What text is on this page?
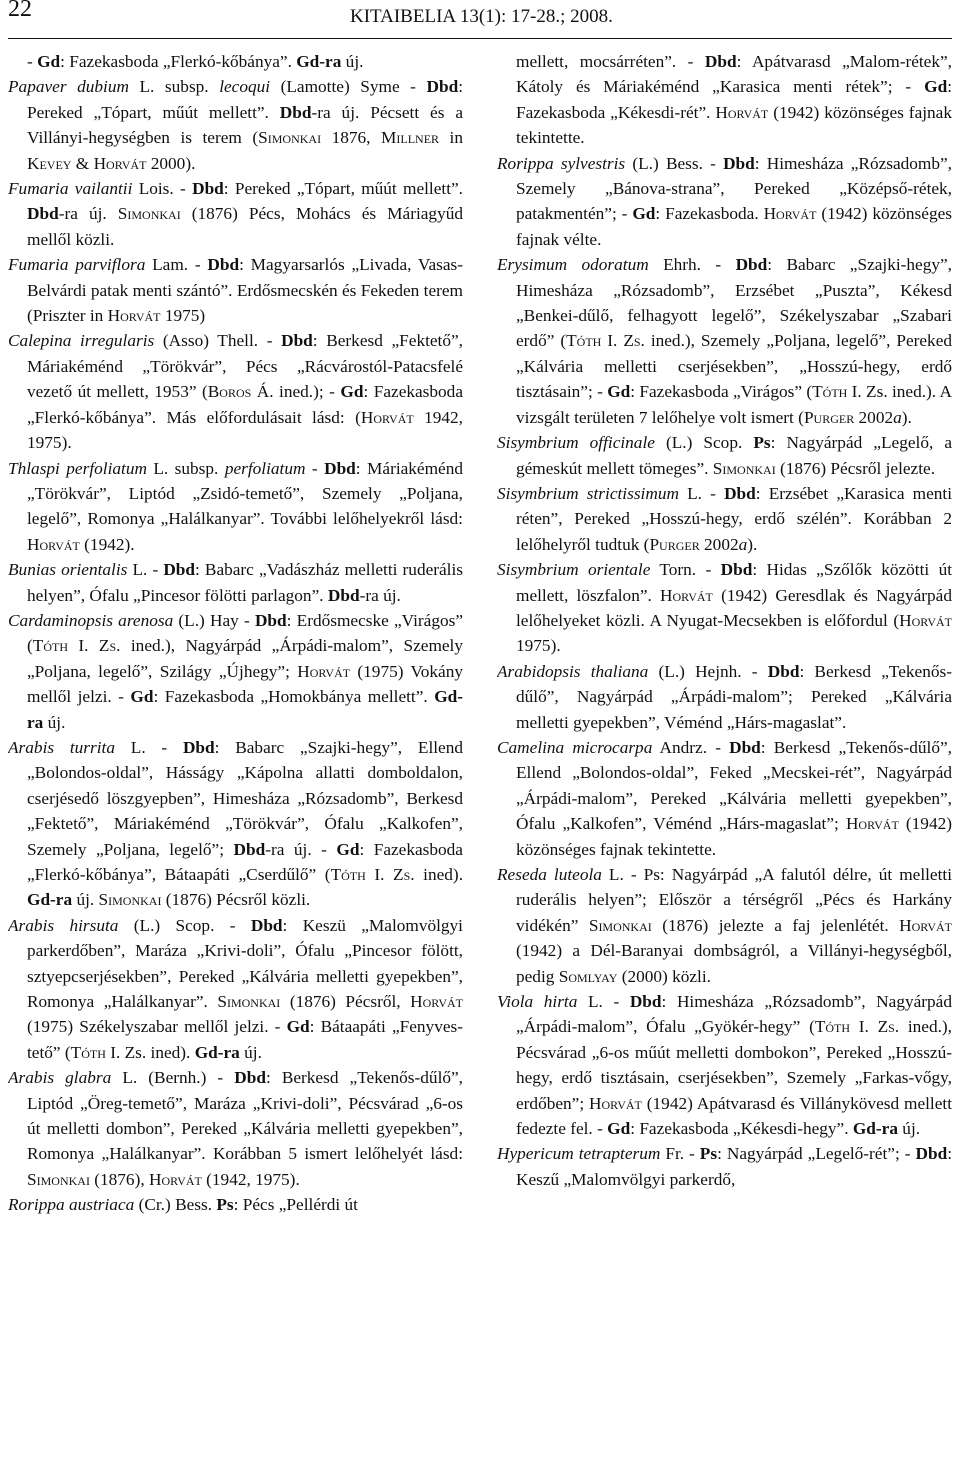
22	KITAIBELIA 13(1): 17-28.; 2008.

- Gd: Fazekasboda „Flerkó-kőbánya”. Gd-ra új.

Papaver dubium L. subsp. lecoqui (Lamotte) Syme - Dbd: Pereked „Tópart, műút mellett”. Dbd-ra új. Pécsett és a Villányi-hegységben is terem (Simonkai 1876, Millner in Kevey & Horvát 2000).

Fumaria vailantii Lois. - Dbd: Pereked „Tópart, műút mellett”. Dbd-ra új. Simonkai (1876) Pécs, Mohács és Máriagyűd mellől közli.

Fumaria parviflora Lam. - Dbd: Magyarsarlós „Livada, Vasas-Belvárdi patak menti szántó”. Erdősmecskén és Fekeden terem (Priszter in Horvát 1975)

Calepina irregularis (Asso) Thell. - Dbd: Berkesd „Fektető”, Máriakéménd „Törökvár”, Pécs „Rácvárostól-Patacsfelé vezető út mellett, 1953” (Boros Á. ined.); - Gd: Fazekasboda „Flerkó-kőbánya”. Más előfordulásait lásd: (Horvát 1942, 1975).

Thlaspi perfoliatum L. subsp. perfoliatum - Dbd: Máriakéménd „Törökvár”, Liptód „Zsidó-temető”, Szemely „Poljana, legelő”, Romonya „Halálkanyar”. További lelőhelyekről lásd: Horvát (1942).

Bunias orientalis L. - Dbd: Babarc „Vadászház melletti ruderális helyen”, Ófalu „Pincesor fölötti parlagon”. Dbd-ra új.

Cardaminopsis arenosa (L.) Hay - Dbd: Erdősmecske „Virágos” (Tóth I. Zs. ined.), Nagyárpád „Árpádi-malom”, Szemely „Poljana, legelő”, Szilágy „Újhegy”; Horvát (1975) Vokány mellől jelzi. - Gd: Fazekasboda „Homokbánya mellett”. Gd-ra új.

Arabis turrita L. - Dbd: Babarc „Szajki-hegy”, Ellend „Bolondos-oldal”, Hásságy „Kápolna allatti domboldalon, cserjésedő löszgyepben”, Himesháza „Rózsadomb”, Berkesd „Fektető”, Máriakéménd „Törökvár”, Ófalu „Kalkofen”, Szemely „Poljana, legelő”; Dbd-ra új. - Gd: Fazekasboda „Flerkó-kőbánya”, Bátaapáti „Cserdűlő” (Tóth I. Zs. ined). Gd-ra új. Simonkai (1876) Pécsről közli.

Arabis hirsuta (L.) Scop. - Dbd: Keszü „Malomvölgyi parkerdőben”, Maráza „Krivi-doli”, Ófalu „Pincesor fölött, sztyepcserjésekben”, Pereked „Kálvária melletti gyepekben”, Romonya „Halálkanyar”. Simonkai (1876) Pécsről, Horvát (1975) Székelyszabar mellől jelzi. - Gd: Bátaapáti „Fenyves-tető” (Tóth I. Zs. ined). Gd-ra új.

Arabis glabra L. (Bernh.) - Dbd: Berkesd „Tekenős-dűlő”, Liptód „Öreg-temető”, Maráza „Krivi-doli”, Pécsvárad „6-os út melletti dombon”, Pereked „Kálvária melletti gyepekben”, Romonya „Halálkanyar”. Korábban 5 ismert lelőhelyét lásd: Simonkai (1876), Horvát (1942, 1975).

Rorippa austriaca (Cr.) Bess. Ps: Pécs „Pellérdi út

mellett, mocsárréten”. - Dbd: Apátvarasd „Malom-rétek”, Kátoly és Máriakéménd „Karasica menti rétek”; - Gd: Fazekasboda „Kékesdi-rét”. Horvát (1942) közönséges fajnak tekintette.

Rorippa sylvestris (L.) Bess. - Dbd: Himesháza „Rózsadomb”, Szemely „Bánova-strana”, Pereked „Középső-rétek, patakmentén”; - Gd: Fazekasboda. Horvát (1942) közönséges fajnak vélte.

Erysimum odoratum Ehrh. - Dbd: Babarc „Szajki-hegy”, Himesháza „Rózsadomb”, Erzsébet „Puszta”, Kékesd „Benkei-dűlő, felhagyott legelő”, Székelyszabar „Szabari erdő” (Tóth I. Zs. ined.), Szemely „Poljana, legelő”, Pereked „Kálvária melletti cserjésekben”, „Hosszú-hegy, erdő tisztásain”; - Gd: Fazekasboda „Virágos” (Tóth I. Zs. ined.). A vizsgált területen 7 lelőhelye volt ismert (Purger 2002a).

Sisymbrium officinale (L.) Scop. Ps: Nagyárpád „Legelő, a gémeskút mellett tömeges”. Simonkai (1876) Pécsről jelezte.

Sisymbrium strictissimum L. - Dbd: Erzsébet „Karasica menti réten”, Pereked „Hosszú-hegy, erdő szélén”. Korábban 2 lelőhelyről tudtuk (Purger 2002a).

Sisymbrium orientale Torn. - Dbd: Hidas „Szőlők közötti út mellett, löszfalon”. Horvát (1942) Geresdlak és Nagyárpád lelőhelyeket közli. A Nyugat-Mecsekben is előfordul (Horvát 1975).

Arabidopsis thaliana (L.) Hejnh. - Dbd: Berkesd „Tekenős-dűlő”, Nagyárpád „Árpádi-malom”; Pereked „Kálvária melletti gyepekben”, Véménd „Hárs-magaslat”.

Camelina microcarpa Andrz. - Dbd: Berkesd „Tekenős-dűlő”, Ellend „Bolondos-oldal”, Feked „Mecskei-rét”, Nagyárpád „Árpádi-malom”, Pereked „Kálvária melletti gyepekben”, Ófalu „Kalkofen”, Véménd „Hárs-magaslat”; Horvát (1942) közönséges fajnak tekintette.

Reseda luteola L. - Ps: Nagyárpád „A falutól délre, út melletti ruderális helyen”; Először a térségről „Pécs és Harkány vidékén” Simonkai (1876) jelezte a faj jelenlétét. Horvát (1942) a Dél-Baranyai dombságról, a Villányi-hegységből, pedig Somlyay (2000) közli.

Viola hirta L. - Dbd: Himesháza „Rózsadomb”, Nagyárpád „Árpádi-malom”, Ófalu „Gyökér-hegy” (Tóth I. Zs. ined.), Pécsvárad „6-os műút melletti dombokon”, Pereked „Hosszú-hegy, erdő tisztásain, cserjésekben”, Szemely „Farkas-vőgy, erdőben”; Horvát (1942) Apátvarasd és Villánykövesd mellett fedezte fel. - Gd: Fazekasboda „Kékesdi-hegy”. Gd-ra új.

Hypericum tetrapterum Fr. - Ps: Nagyárpád „Legelő-rét”; - Dbd: Keszű „Malomvölgyi parkerdő,
